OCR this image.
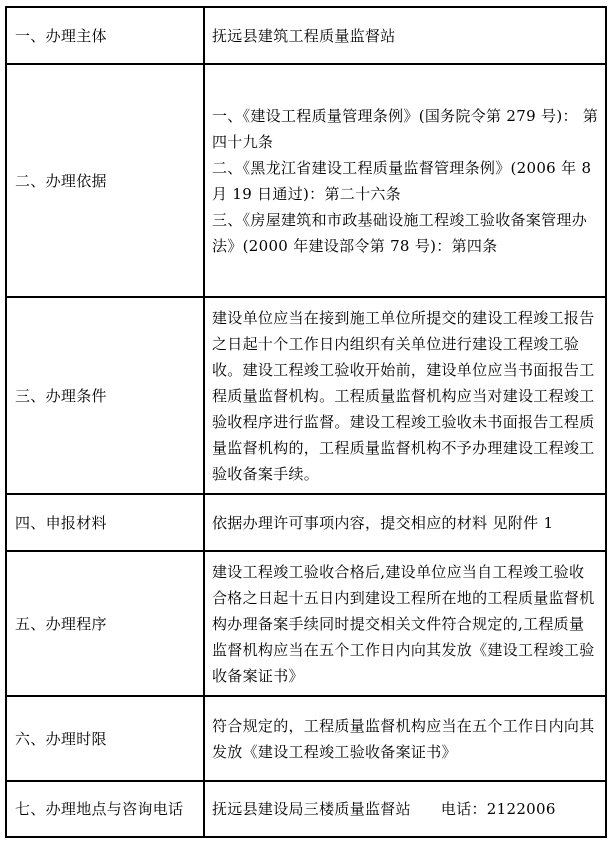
一、办理主体	抚远县建筑工程质量监督站
二、办理依据	一、《建设工程质量管理条例》(国务院令第 279 号)： 第四十九条
二、《黑龙江省建设工程质量监督管理条例》(2006 年 8 月 19 日通过)：第二十六条
三、《房屋建筑和市政基础设施工程竣工验收备案管理办法》(2000 年建设部令第 78 号)：第四条

三、办理条件	建设单位应当在接到施工单位所提交的建设工程竣工报告之日起十个工作日内组织有关单位进行建设工程竣工验收。建设工程竣工验收开始前，建设单位应当书面报告工程质量监督机构。工程质量监督机构应当对建设工程竣工验收程序进行监督。建设工程竣工验收未书面报告工程质量监督机构的，工程质量监督机构不予办理建设工程竣工验收备案手续。
四、申报材料	依据办理许可事项内容，提交相应的材料 见附件 1
五、办理程序	建设工程竣工验收合格后,建设单位应当自工程竣工验收合格之日起十五日内到建设工程所在地的工程质量监督机构办理备案手续同时提交相关文件符合规定的,工程质量监督机构应当在五个工作日内向其发放《建设工程竣工验收备案证书》
六、办理时限	符合规定的，工程质量监督机构应当在五个工作日内向其发放《建设工程竣工验收备案证书》
七、办理地点与咨询电话	抚远县建设局三楼质量监督站 电话：2122006
